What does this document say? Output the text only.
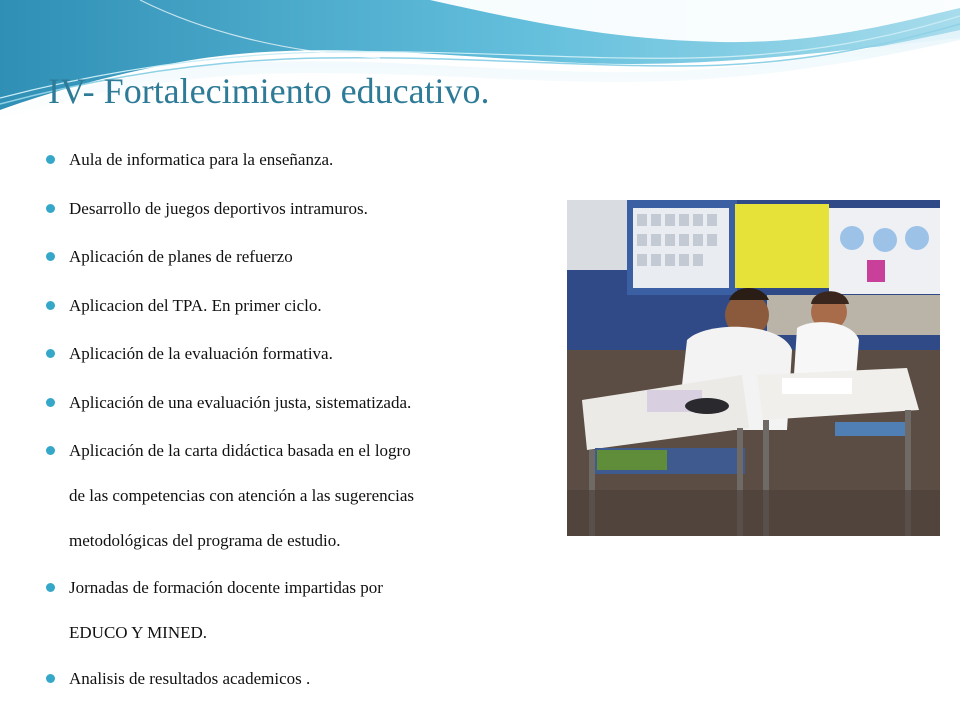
IV- Fortalecimiento educativo.
Aula de informatica para la enseñanza.
Desarrollo de juegos deportivos intramuros.
Aplicación de planes de refuerzo
Aplicacion del TPA. En primer ciclo.
Aplicación de la evaluación formativa.
Aplicación de una evaluación justa, sistematizada.
Aplicación de la carta didáctica basada en el logro
de las competencias con atención a las sugerencias
metodológicas del programa de estudio.
Jornadas de formación docente impartidas por
EDUCO Y MINED.
Analisis de resultados academicos .
